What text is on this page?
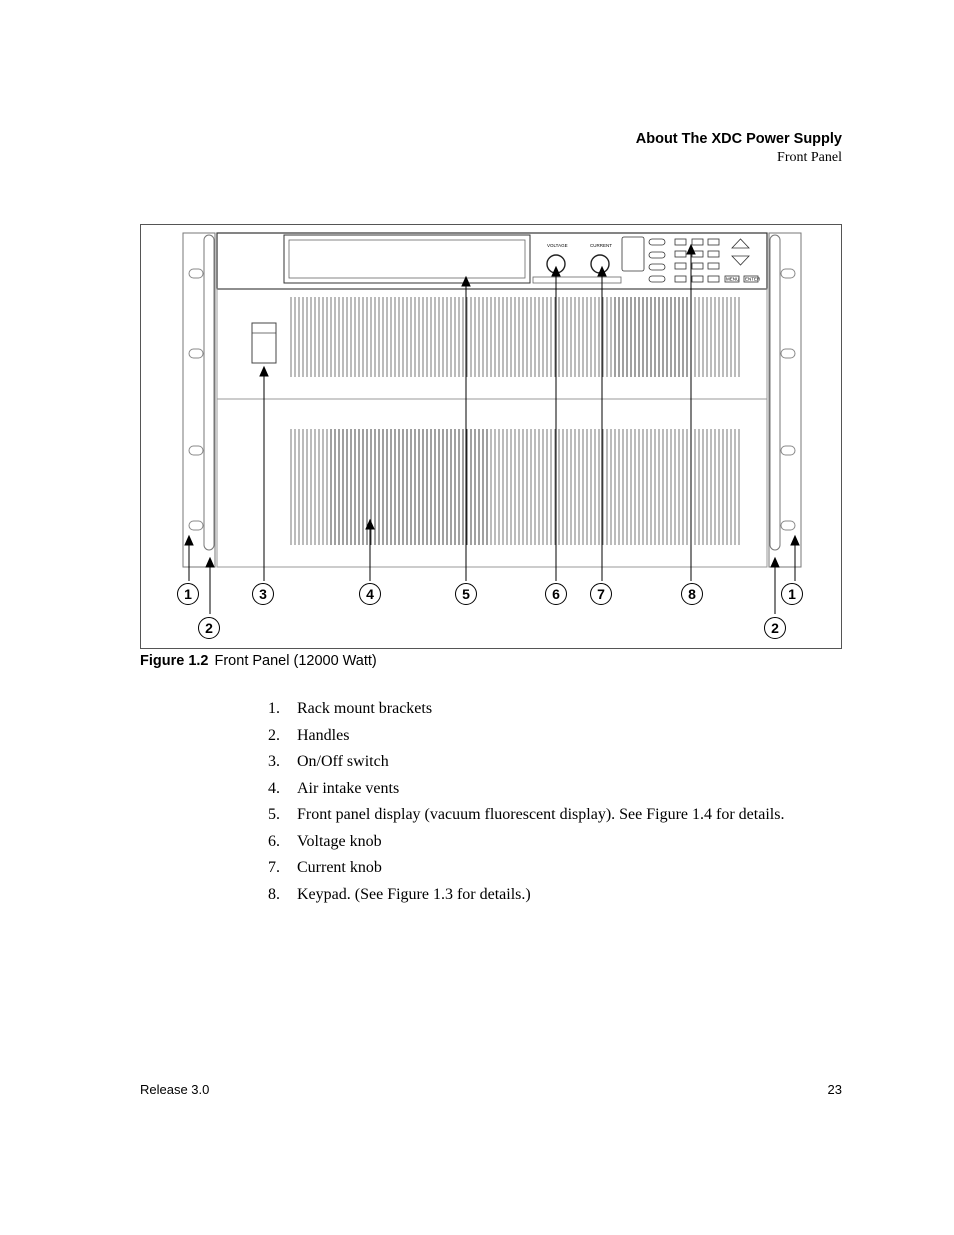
About The XDC Power Supply
Front Panel
VOLTAGE	CURRENT
MENU ENTER
1
2
3	4	5	6	7	8	1
2
Figure 1.2 Front Panel (12000 Watt)
1. Rack mount brackets
2. Handles
3. On/Off switch
4. Air intake vents
5. Front panel display (vacuum fluorescent display). See Figure 1.4 for details.
6. Voltage knob
7. Current knob
8. Keypad. (See Figure 1.3 for details.)
Release 3.0	23
